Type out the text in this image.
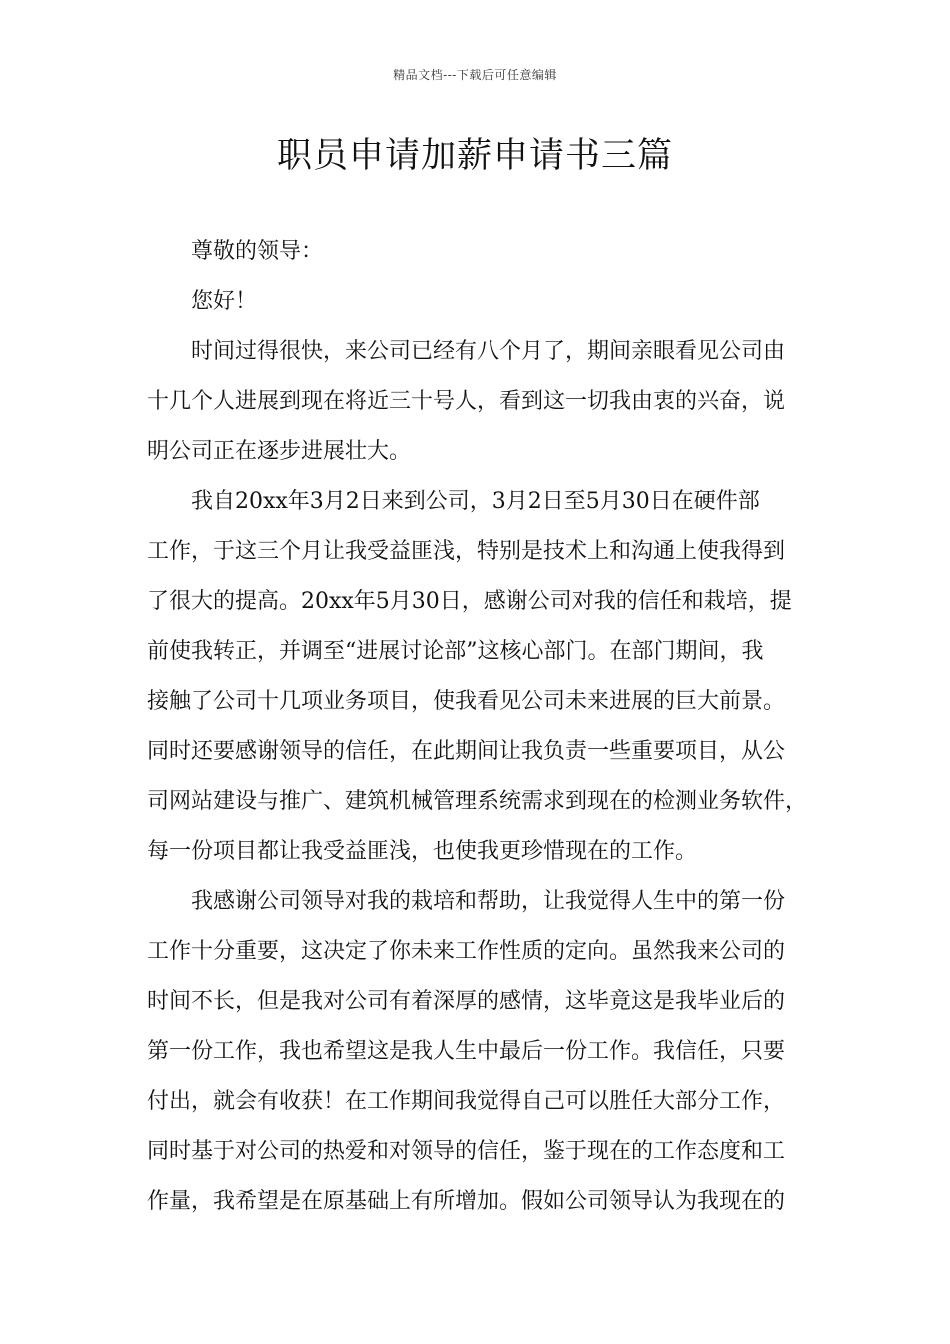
精品文档---下载后可任意编辑
职员申请加薪申请书三篇
尊敬的领导：
您好！
时间过得很快，来公司已经有八个月了，期间亲眼看见公司由
十几个人进展到现在将近三十号人，看到这一切我由衷的兴奋，说
明公司正在逐步进展壮大。
我自20xx年3月2日来到公司，3月2日至5月30日在硬件部
工作，于这三个月让我受益匪浅，特别是技术上和沟通上使我得到
了很大的提高。20xx年5月30日，感谢公司对我的信任和栽培，提
前使我转正，并调至“进展讨论部”这核心部门。在部门期间，我
接触了公司十几项业务项目，使我看见公司未来进展的巨大前景。
同时还要感谢领导的信任，在此期间让我负责一些重要项目，从公
司网站建设与推广、建筑机械管理系统需求到现在的检测业务软件，
每一份项目都让我受益匪浅，也使我更珍惜现在的工作。
我感谢公司领导对我的栽培和帮助，让我觉得人生中的第一份
工作十分重要，这决定了你未来工作性质的定向。虽然我来公司的
时间不长，但是我对公司有着深厚的感情，这毕竟这是我毕业后的
第一份工作，我也希望这是我人生中最后一份工作。我信任，只要
付出，就会有收获！在工作期间我觉得自己可以胜任大部分工作，
同时基于对公司的热爱和对领导的信任，鉴于现在的工作态度和工
作量，我希望是在原基础上有所增加。假如公司领导认为我现在的
